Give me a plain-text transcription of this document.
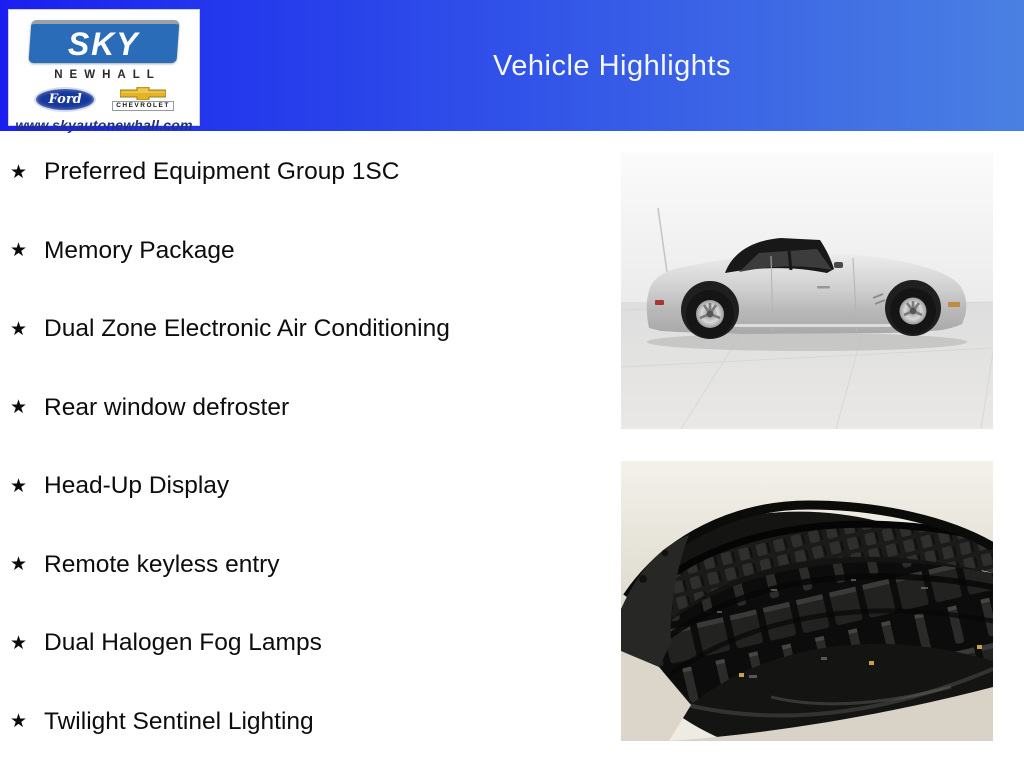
Vehicle Highlights
SKY
NEWHALL
Ford	CHEVROLET
www.skyautonewhall.com
★ Preferred Equipment Group 1SC
★ Memory Package
★ Dual Zone Electronic Air Conditioning
★ Rear window defroster
★ Head-Up Display
★ Remote keyless entry
★ Dual Halogen Fog Lamps
★ Twilight Sentinel Lighting
